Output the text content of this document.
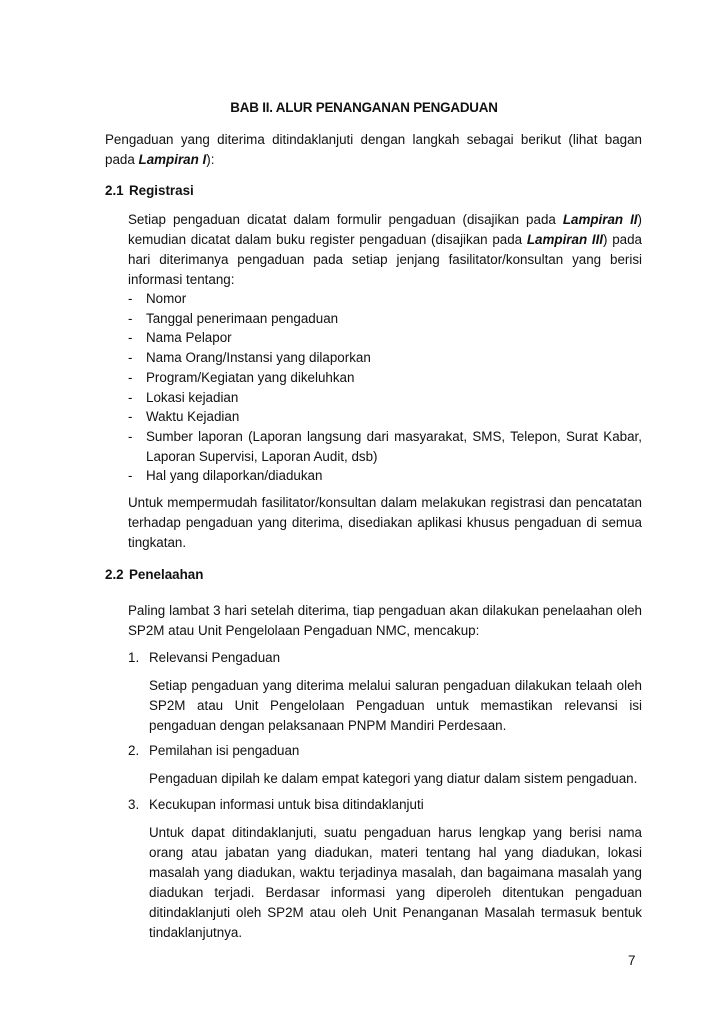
BAB II. ALUR PENANGANAN PENGADUAN

Pengaduan yang diterima ditindaklanjuti dengan langkah sebagai berikut (lihat bagan pada Lampiran I):

2.1 Registrasi

Setiap pengaduan dicatat dalam formulir pengaduan (disajikan pada Lampiran II) kemudian dicatat dalam buku register pengaduan (disajikan pada Lampiran III) pada hari diterimanya pengaduan pada setiap jenjang fasilitator/konsultan yang berisi informasi tentang:

- Nomor
- Tanggal penerimaan pengaduan
- Nama Pelapor
- Nama Orang/Instansi yang dilaporkan
- Program/Kegiatan yang dikeluhkan
- Lokasi kejadian
- Waktu Kejadian
- Sumber laporan (Laporan langsung dari masyarakat, SMS, Telepon, Surat Kabar, Laporan Supervisi, Laporan Audit, dsb)
- Hal yang dilaporkan/diadukan

Untuk mempermudah fasilitator/konsultan dalam melakukan registrasi dan pencatatan terhadap pengaduan yang diterima, disediakan aplikasi khusus pengaduan di semua tingkatan.

2.2 Penelaahan

Paling lambat 3 hari setelah diterima, tiap pengaduan akan dilakukan penelaahan oleh SP2M atau Unit Pengelolaan Pengaduan NMC, mencakup:

1. Relevansi Pengaduan

Setiap pengaduan yang diterima melalui saluran pengaduan dilakukan telaah oleh SP2M atau Unit Pengelolaan Pengaduan untuk memastikan relevansi isi pengaduan dengan pelaksanaan PNPM Mandiri Perdesaan.

2. Pemilahan isi pengaduan

Pengaduan dipilah ke dalam empat kategori yang diatur dalam sistem pengaduan.

3. Kecukupan informasi untuk bisa ditindaklanjuti

Untuk dapat ditindaklanjuti, suatu pengaduan harus lengkap yang berisi nama orang atau jabatan yang diadukan, materi tentang hal yang diadukan, lokasi masalah yang diadukan, waktu terjadinya masalah, dan bagaimana masalah yang diadukan terjadi. Berdasar informasi yang diperoleh ditentukan pengaduan ditindaklanjuti oleh SP2M atau oleh Unit Penanganan Masalah termasuk bentuk tindaklanjutnya.

7
